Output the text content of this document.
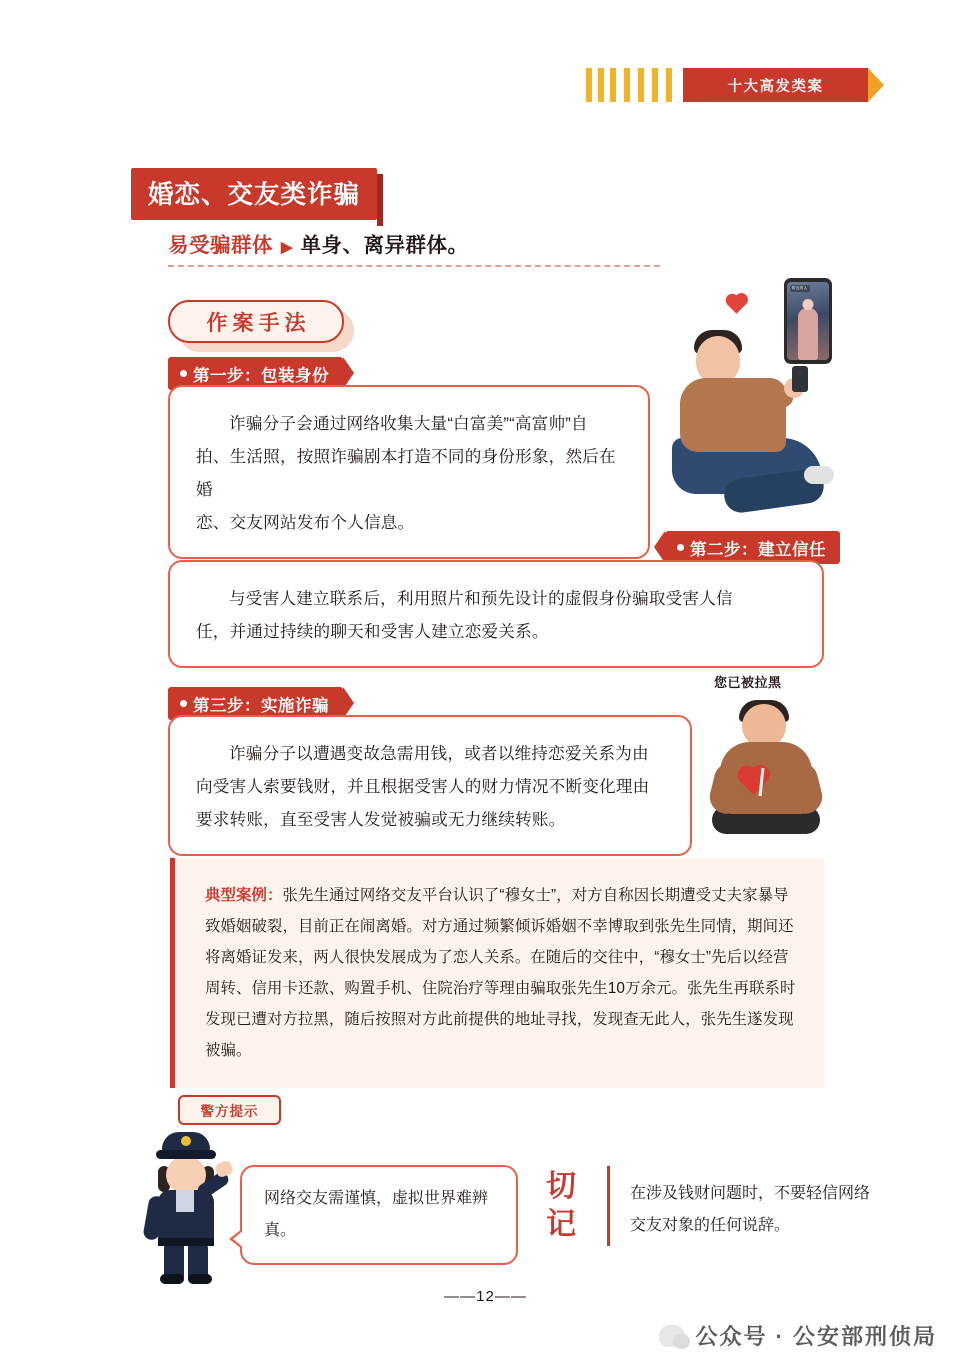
十大高发类案
婚恋、交友类诈骗
易受骗群体 ▶ 单身、离异群体。
作案手法
第一步：包装身份

诈骗分子会通过网络收集大量“白富美”“高富帅”自

拍、生活照，按照诈骗剧本打造不同的身份形象，然后在婚

恋、交友网站发布个人信息。

附近的人
第二步：建立信任

与受害人建立联系后，利用照片和预先设计的虚假身份骗取受害人信

任，并通过持续的聊天和受害人建立恋爱关系。

您已被拉黑
第三步：实施诈骗

诈骗分子以遭遇变故急需用钱，或者以维持恋爱关系为由

向受害人索要钱财，并且根据受害人的财力情况不断变化理由

要求转账，直至受害人发觉被骗或无力继续转账。

典型案例：张先生通过网络交友平台认识了“穆女士”，对方自称因长期遭受丈夫家暴导致婚姻破裂，目前正在闹离婚。对方通过频繁倾诉婚姻不幸博取到张先生同情，期间还将离婚证发来，两人很快发展成为了恋人关系。在随后的交往中，“穆女士”先后以经营周转、信用卡还款、购置手机、住院治疗等理由骗取张先生10万余元。张先生再联系时发现已遭对方拉黑，随后按照对方此前提供的地址寻找，发现查无此人，张先生遂发现被骗。
警方提示
网络交友需谨慎，虚拟世界难辨真。
切记
在涉及钱财问题时，不要轻信网络交友对象的任何说辞。
——12——
公众号 · 公安部刑侦局
